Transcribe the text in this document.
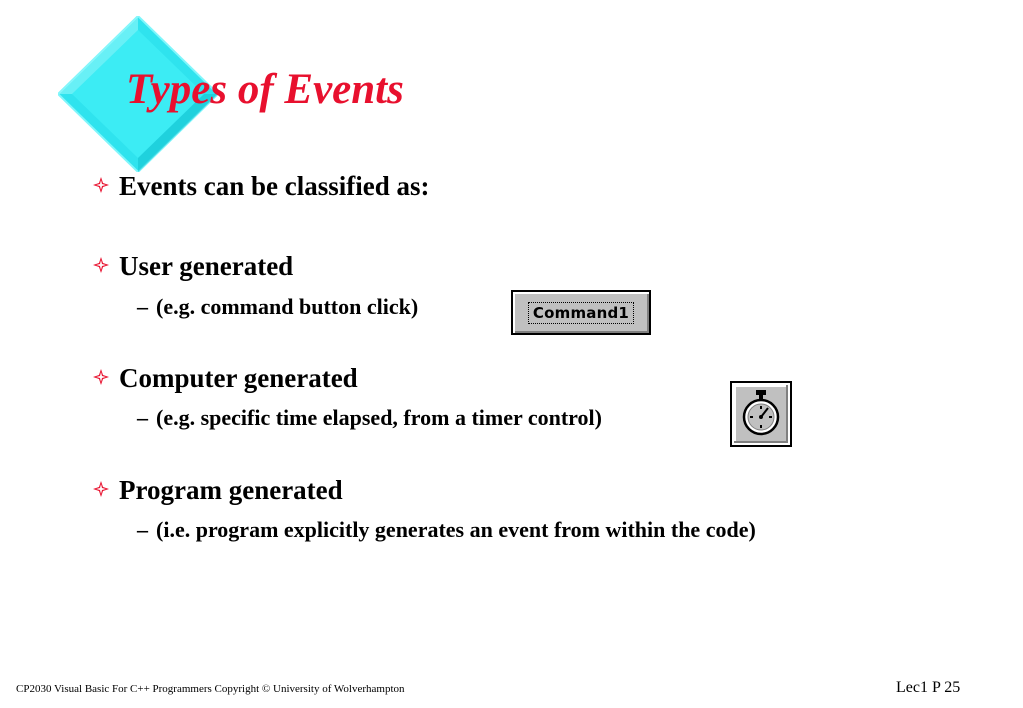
Types of Events
Events can be classified as:
User generated
– (e.g. command button click)	Command1
Computer generated
– (e.g. specific time elapsed, from a timer control)
Program generated
– (i.e. program explicitly generates an event from within the code)
CP2030 Visual Basic For C++ Programmers Copyright © University of Wolverhampton	Lec1 P 25
